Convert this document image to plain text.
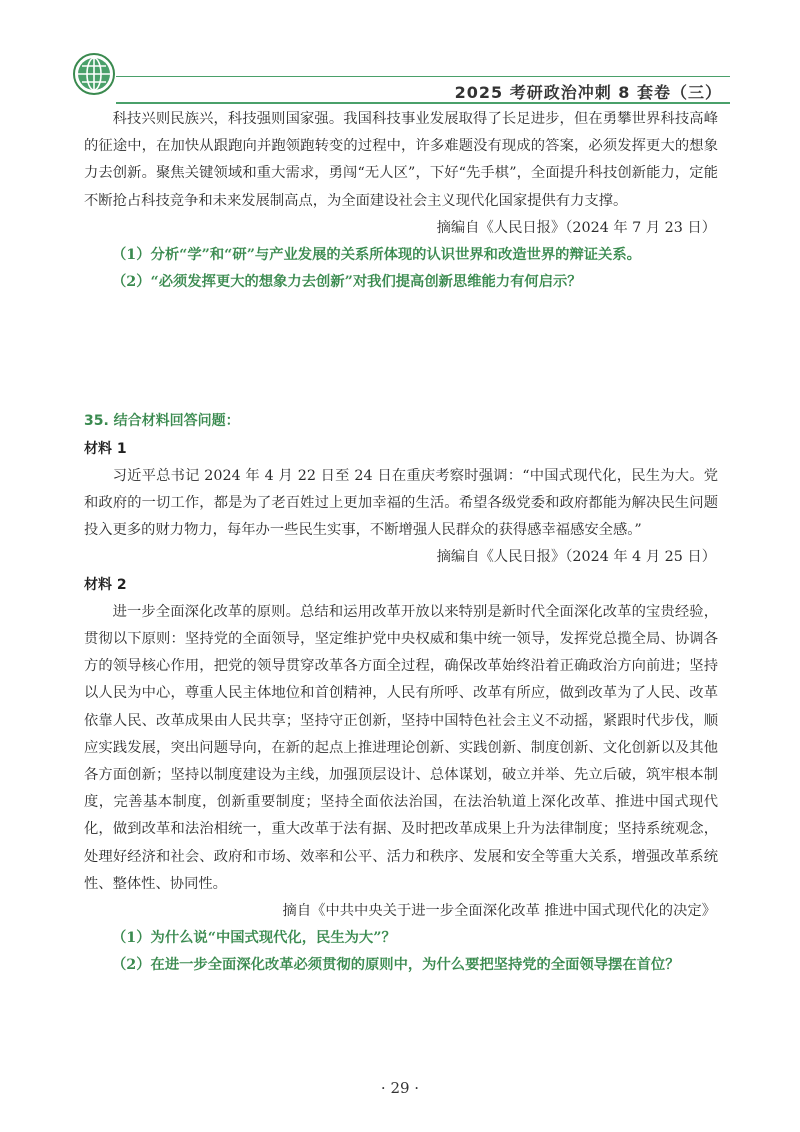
2025 考研政治冲刺 8 套卷（三）

科技兴则民族兴，科技强则国家强。我国科技事业发展取得了长足进步，但在勇攀世界科技高峰的征途中，在加快从跟跑向并跑领跑转变的过程中，许多难题没有现成的答案，必须发挥更大的想象力去创新。聚焦关键领域和重大需求，勇闯“无人区”，下好“先手棋”，全面提升科技创新能力，定能不断抢占科技竞争和未来发展制高点，为全面建设社会主义现代化国家提供有力支撑。

摘编自《人民日报》（2024 年 7 月 23 日）

（1）分析“学”和“研”与产业发展的关系所体现的认识世界和改造世界的辩证关系。

（2）“必须发挥更大的想象力去创新”对我们提高创新思维能力有何启示？

35. 结合材料回答问题：

材料 1

习近平总书记 2024 年 4 月 22 日至 24 日在重庆考察时强调：“中国式现代化，民生为大。党和政府的一切工作，都是为了老百姓过上更加幸福的生活。希望各级党委和政府都能为解决民生问题投入更多的财力物力，每年办一些民生实事，不断增强人民群众的获得感幸福感安全感。”

摘编自《人民日报》（2024 年 4 月 25 日）

材料 2

进一步全面深化改革的原则。总结和运用改革开放以来特别是新时代全面深化改革的宝贵经验，贯彻以下原则：坚持党的全面领导，坚定维护党中央权威和集中统一领导，发挥党总揽全局、协调各方的领导核心作用，把党的领导贯穿改革各方面全过程，确保改革始终沿着正确政治方向前进；坚持以人民为中心，尊重人民主体地位和首创精神，人民有所呼、改革有所应，做到改革为了人民、改革依靠人民、改革成果由人民共享；坚持守正创新，坚持中国特色社会主义不动摇，紧跟时代步伐，顺应实践发展，突出问题导向，在新的起点上推进理论创新、实践创新、制度创新、文化创新以及其他各方面创新；坚持以制度建设为主线，加强顶层设计、总体谋划，破立并举、先立后破，筑牢根本制度，完善基本制度，创新重要制度；坚持全面依法治国，在法治轨道上深化改革、推进中国式现代化，做到改革和法治相统一，重大改革于法有据、及时把改革成果上升为法律制度；坚持系统观念，处理好经济和社会、政府和市场、效率和公平、活力和秩序、发展和安全等重大关系，增强改革系统性、整体性、协同性。

摘自《中共中央关于进一步全面深化改革 推进中国式现代化的决定》

（1）为什么说“中国式现代化，民生为大”？

（2）在进一步全面深化改革必须贯彻的原则中，为什么要把坚持党的全面领导摆在首位？

· 29 ·
